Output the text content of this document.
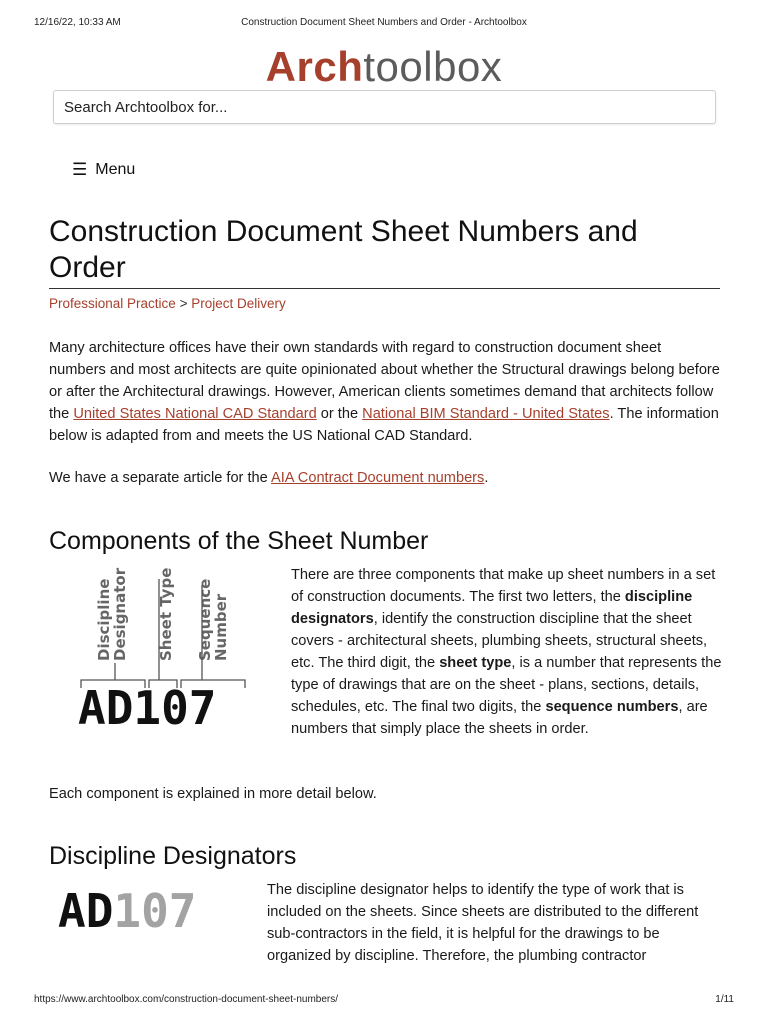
12/16/22, 10:33 AM	Construction Document Sheet Numbers and Order - Archtoolbox
Archtoolbox
Search Archtoolbox for...
☰ Menu
Construction Document Sheet Numbers and Order
Professional Practice > Project Delivery

Many architecture offices have their own standards with regard to construction document sheet numbers and most architects are quite opinionated about whether the Structural drawings belong before or after the Architectural drawings. However, American clients sometimes demand that architects follow the United States National CAD Standard or the National BIM Standard - United States. The information below is adapted from and meets the US National CAD Standard.

We have a separate article for the AIA Contract Document numbers.

Components of the Sheet Number
Discipline
Designator Sheet Type Sequence
Number
AD107

There are three components that make up sheet numbers in a set of construction documents. The first two letters, the discipline designators, identify the construction discipline that the sheet covers - architectural sheets, plumbing sheets, structural sheets, etc. The third digit, the sheet type, is a number that represents the type of drawings that are on the sheet - plans, sections, details, schedules, etc. The final two digits, the sequence numbers, are numbers that simply place the sheets in order.

Each component is explained in more detail below.

Discipline Designators
AD107	The discipline designator helps to identify the type of work that is included on the sheets. Since sheets are distributed to the different sub-contractors in the field, it is helpful for the drawings to be organized by discipline. Therefore, the plumbing contractor

https://www.archtoolbox.com/construction-document-sheet-numbers/	1/11
